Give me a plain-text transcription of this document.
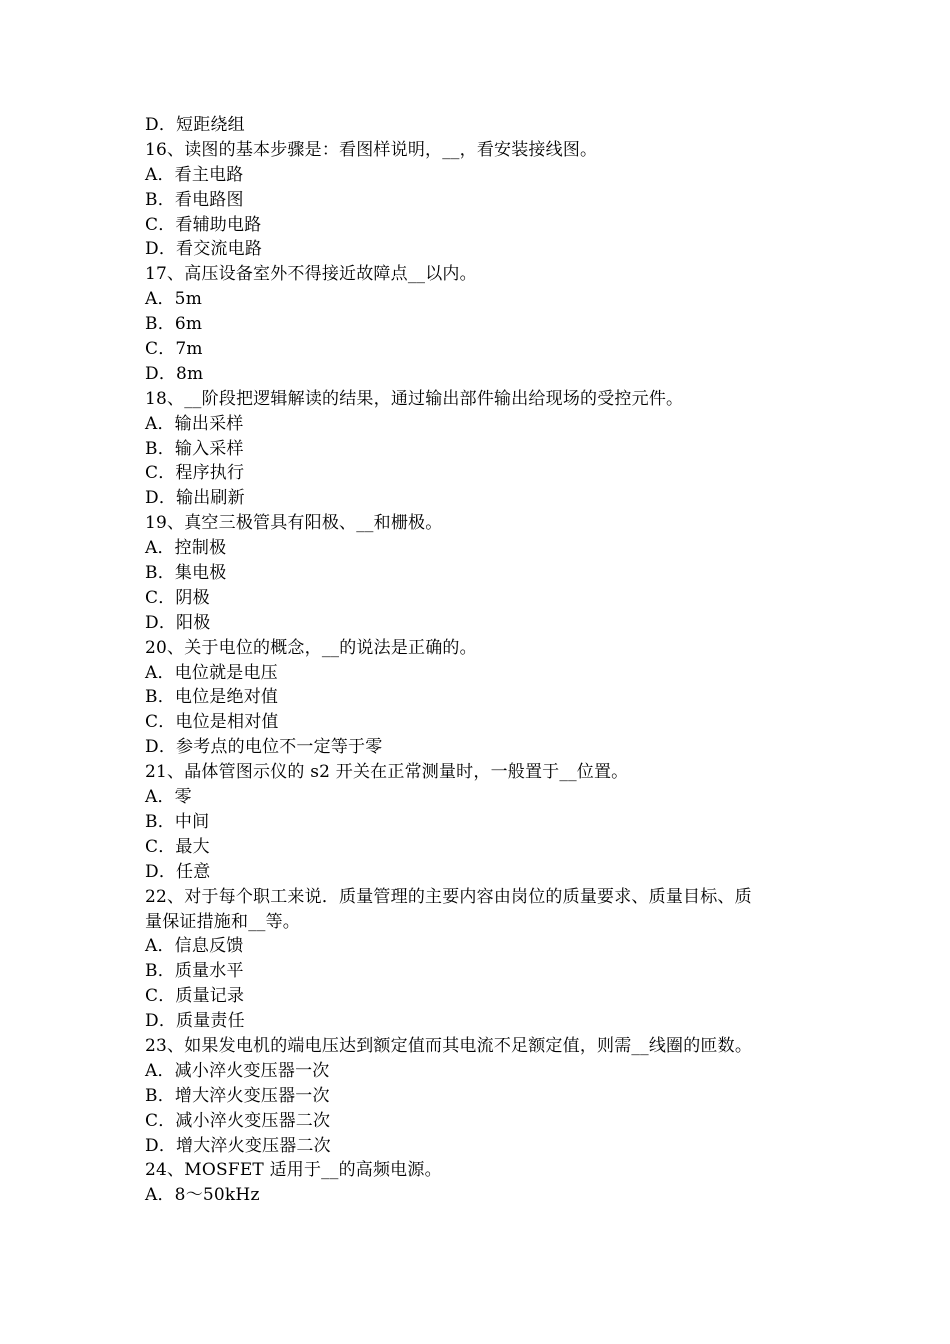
D．短距绕组
16、读图的基本步骤是：看图样说明，__，看安装接线图。
A．看主电路
B．看电路图
C．看辅助电路
D．看交流电路
17、高压设备室外不得接近故障点__以内。
A．5m
B．6m
C．7m
D．8m
18、__阶段把逻辑解读的结果，通过输出部件输出给现场的受控元件。
A．输出采样
B．输入采样
C．程序执行
D．输出刷新
19、真空三极管具有阳极、__和栅极。
A．控制极
B．集电极
C．阴极
D．阳极
20、关于电位的概念，__的说法是正确的。
A．电位就是电压
B．电位是绝对值
C．电位是相对值
D．参考点的电位不一定等于零
21、晶体管图示仪的 s2 开关在正常测量时，一般置于__位置。
A．零
B．中间
C．最大
D．任意
22、对于每个职工来说．质量管理的主要内容由岗位的质量要求、质量目标、质
量保证措施和__等。
A．信息反馈
B．质量水平
C．质量记录
D．质量责任
23、如果发电机的端电压达到额定值而其电流不足额定值，则需__线圈的匝数。
A．减小淬火变压器一次
B．增大淬火变压器一次
C．减小淬火变压器二次
D．增大淬火变压器二次
24、MOSFET 适用于__的高频电源。
A．8～50kHz
